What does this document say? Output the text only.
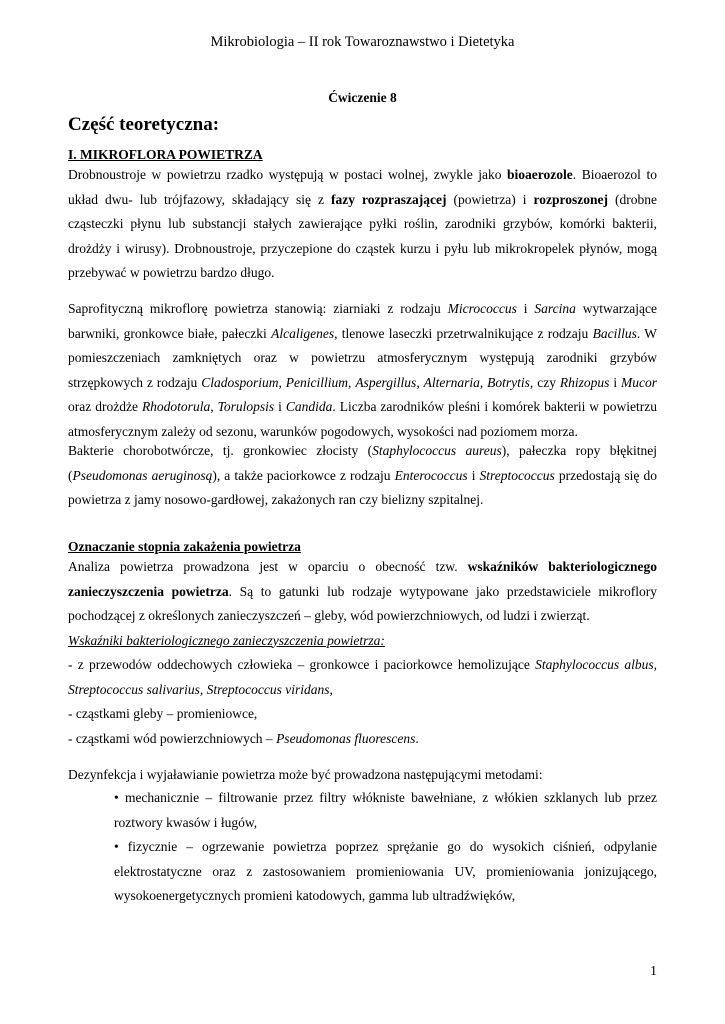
Mikrobiologia – II rok Towaroznawstwo i Dietetyka
Ćwiczenie 8
Część teoretyczna:
I. MIKROFLORA POWIETRZA

Drobnoustroje w powietrzu rzadko występują w postaci wolnej, zwykle jako bioaerozole. Bioaerozol to układ dwu- lub trójfazowy, składający się z fazy rozpraszającej (powietrza) i rozproszonej (drobne cząsteczki płynu lub substancji stałych zawierające pyłki roślin, zarodniki grzybów, komórki bakterii, drożdży i wirusy). Drobnoustroje, przyczepione do cząstek kurzu i pyłu lub mikrokropelek płynów, mogą przebywać w powietrzu bardzo długo.

Saprofityczną mikroflorę powietrza stanowią: ziarniaki z rodzaju Micrococcus i Sarcina wytwarzające barwniki, gronkowce białe, pałeczki Alcaligenes, tlenowe laseczki przetrwalnikujące z rodzaju Bacillus. W pomieszczeniach zamkniętych oraz w powietrzu atmosferycznym występują zarodniki grzybów strzępkowych z rodzaju Cladosporium, Penicillium, Aspergillus, Alternaria, Botrytis, czy Rhizopus i Mucor oraz drożdże Rhodotorula, Torulopsis i Candida. Liczba zarodników pleśni i komórek bakterii w powietrzu atmosferycznym zależy od sezonu, warunków pogodowych, wysokości nad poziomem morza.

Bakterie chorobotwórcze, tj. gronkowiec złocisty (Staphylococcus aureus), pałeczka ropy błękitnej (Pseudomonas aeruginosą), a także paciorkowce z rodzaju Enterococcus i Streptococcus przedostają się do powietrza z jamy nosowo-gardłowej, zakażonych ran czy bielizny szpitalnej.

Oznaczanie stopnia zakażenia powietrza

Analiza powietrza prowadzona jest w oparciu o obecność tzw. wskaźników bakteriologicznego zanieczyszczenia powietrza. Są to gatunki lub rodzaje wytypowane jako przedstawiciele mikroflory pochodzącej z określonych zanieczyszczeń – gleby, wód powierzchniowych, od ludzi i zwierząt.

Wskaźniki bakteriologicznego zanieczyszczenia powietrza:

- z przewodów oddechowych człowieka – gronkowce i paciorkowce hemolizujące Staphylococcus albus, Streptococcus salivarius, Streptococcus viridans,

- cząstkami gleby – promieniowce,

- cząstkami wód powierzchniowych – Pseudomonas fluorescens.

Dezynfekcja i wyjaławianie powietrza może być prowadzona następującymi metodami:

• mechanicznie – filtrowanie przez filtry włókniste bawełniane, z włókien szklanych lub przez roztwory kwasów i ługów,

• fizycznie – ogrzewanie powietrza poprzez sprężanie go do wysokich ciśnień, odpylanie elektrostatyczne oraz z zastosowaniem promieniowania UV, promieniowania jonizującego, wysokoenergetycznych promieni katodowych, gamma lub ultradźwięków,

1
